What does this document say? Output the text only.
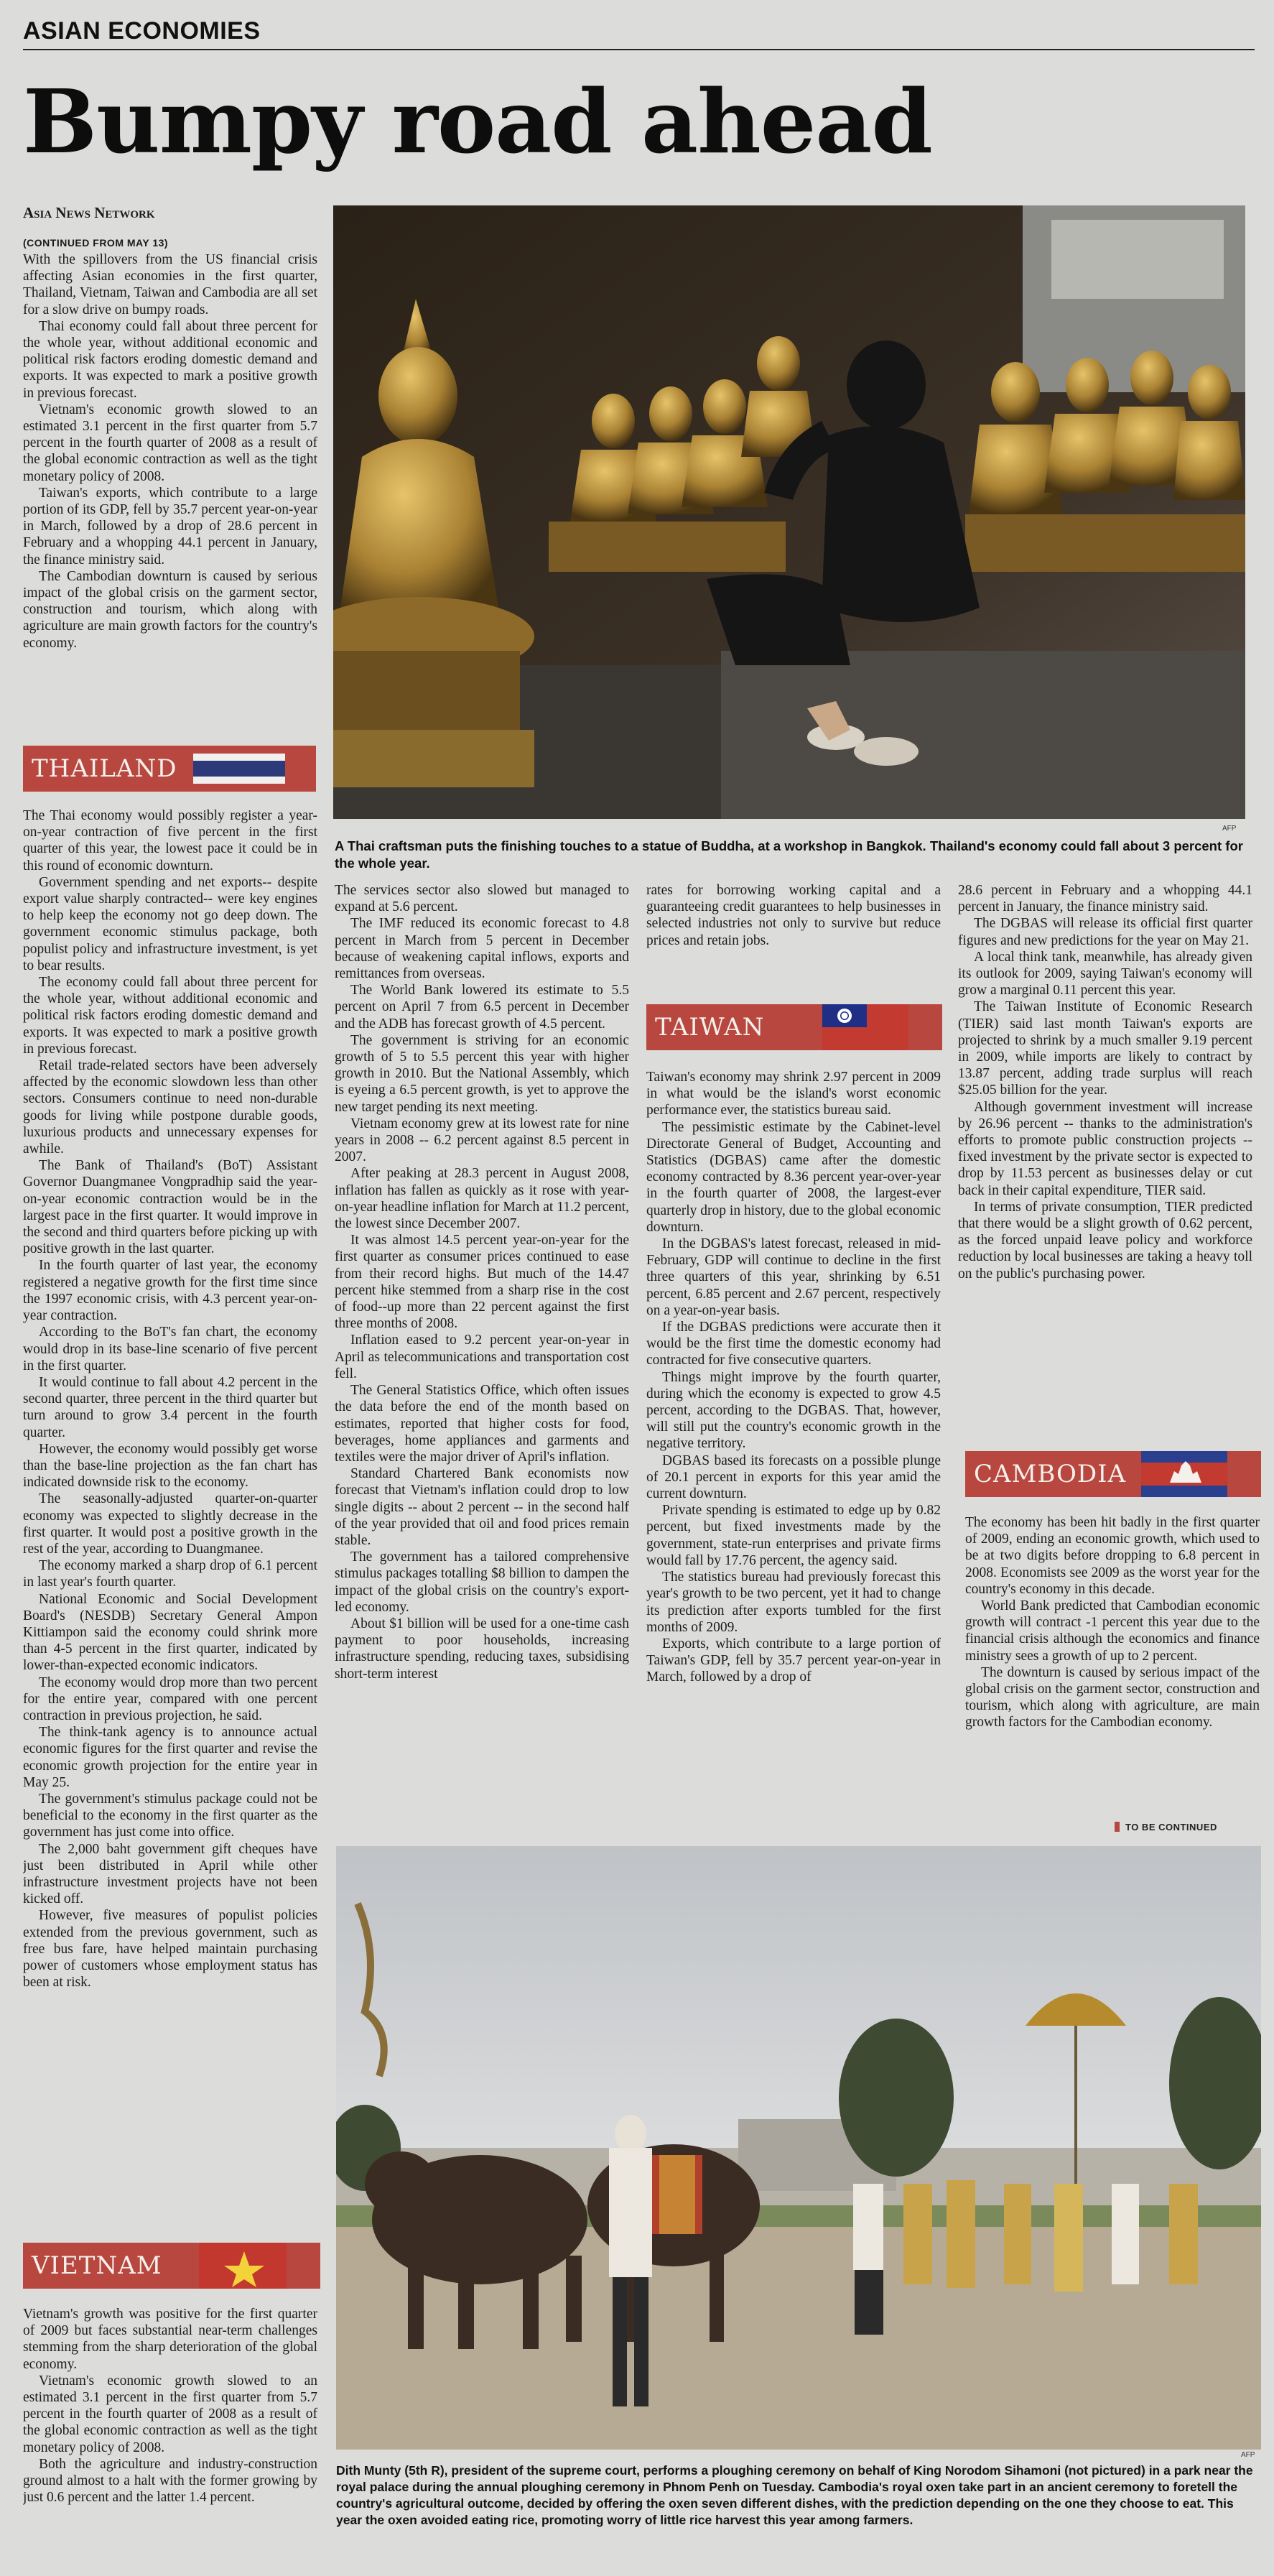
ASIAN ECONOMIES
Bumpy road ahead
Asia News Network
(CONTINUED FROM MAY 13)

With the spillovers from the US financial crisis affecting Asian economies in the first quarter, Thailand, Vietnam, Taiwan and Cambodia are all set for a slow drive on bumpy roads.

Thai economy could fall about three percent for the whole year, without additional economic and political risk factors eroding domestic demand and exports. It was expected to mark a positive growth in previous forecast.

Vietnam's economic growth slowed to an estimated 3.1 percent in the first quarter from 5.7 percent in the fourth quarter of 2008 as a result of the global economic contraction as well as the tight monetary policy of 2008.

Taiwan's exports, which contribute to a large portion of its GDP, fell by 35.7 percent year-on-year in March, followed by a drop of 28.6 percent in February and a whopping 44.1 percent in January, the finance ministry said.

The Cambodian downturn is caused by serious impact of the global crisis on the garment sector, construction and tourism, which along with agriculture are main growth factors for the country's economy.

THAILAND

The Thai economy would possibly register a year-on-year contraction of five percent in the first quarter of this year, the lowest pace it could be in this round of economic downturn.

Government spending and net exports-- despite export value sharply contracted-- were key engines to help keep the economy not go deep down. The government economic stimulus package, both populist policy and infrastructure investment, is yet to bear results.

The economy could fall about three percent for the whole year, without additional economic and political risk factors eroding domestic demand and exports. It was expected to mark a positive growth in previous forecast.

Retail trade-related sectors have been adversely affected by the economic slowdown less than other sectors. Consumers continue to need non-durable goods for living while postpone durable goods, luxurious products and unnecessary expenses for awhile.

The Bank of Thailand's (BoT) Assistant Governor Duangmanee Vongpradhip said the year-on-year economic contraction would be in the largest pace in the first quarter. It would improve in the second and third quarters before picking up with positive growth in the last quarter.

In the fourth quarter of last year, the economy registered a negative growth for the first time since the 1997 economic crisis, with 4.3 percent year-on-year contraction.

According to the BoT's fan chart, the economy would drop in its base-line scenario of five percent in the first quarter.

It would continue to fall about 4.2 percent in the second quarter, three percent in the third quarter but turn around to grow 3.4 percent in the fourth quarter.

However, the economy would possibly get worse than the base-line projection as the fan chart has indicated downside risk to the economy.

The seasonally-adjusted quarter-on-quarter economy was expected to slightly decrease in the first quarter. It would post a positive growth in the rest of the year, according to Duangmanee.

The economy marked a sharp drop of 6.1 percent in last year's fourth quarter.

National Economic and Social Development Board's (NESDB) Secretary General Ampon Kittiampon said the economy could shrink more than 4-5 percent in the first quarter, indicated by lower-than-expected economic indicators.

The economy would drop more than two percent for the entire year, compared with one percent contraction in previous projection, he said.

The think-tank agency is to announce actual economic figures for the first quarter and revise the economic growth projection for the entire year in May 25.

The government's stimulus package could not be beneficial to the economy in the first quarter as the government has just come into office.

The 2,000 baht government gift cheques have just been distributed in April while other infrastructure investment projects have not been kicked off.

However, five measures of populist policies extended from the previous government, such as free bus fare, have helped maintain purchasing power of customers whose employment status has been at risk.

VIETNAM

Vietnam's growth was positive for the first quarter of 2009 but faces substantial near-term challenges stemming from the sharp deterioration of the global economy.

Vietnam's economic growth slowed to an estimated 3.1 percent in the first quarter from 5.7 percent in the fourth quarter of 2008 as a result of the global economic contraction as well as the tight monetary policy of 2008.

Both the agriculture and industry-construction ground almost to a halt with the former growing by just 0.6 percent and the latter 1.4 percent.

AFP
A Thai craftsman puts the finishing touches to a statue of Buddha, at a workshop in Bangkok. Thailand's economy could fall about 3 percent for the whole year.

The services sector also slowed but managed to expand at 5.6 percent.

The IMF reduced its economic forecast to 4.8 percent in March from 5 percent in December because of weakening capital inflows, exports and remittances from overseas.

The World Bank lowered its estimate to 5.5 percent on April 7 from 6.5 percent in December and the ADB has forecast growth of 4.5 percent.

The government is striving for an economic growth of 5 to 5.5 percent this year with higher growth in 2010. But the National Assembly, which is eyeing a 6.5 percent growth, is yet to approve the new target pending its next meeting.

Vietnam economy grew at its lowest rate for nine years in 2008 -- 6.2 percent against 8.5 percent in 2007.

After peaking at 28.3 percent in August 2008, inflation has fallen as quickly as it rose with year-on-year headline inflation for March at 11.2 percent, the lowest since December 2007.

It was almost 14.5 percent year-on-year for the first quarter as consumer prices continued to ease from their record highs. But much of the 14.47 percent hike stemmed from a sharp rise in the cost of food--up more than 22 percent against the first three months of 2008.

Inflation eased to 9.2 percent year-on-year in April as telecommunications and transportation cost fell.

The General Statistics Office, which often issues the data before the end of the month based on estimates, reported that higher costs for food, beverages, home appliances and garments and textiles were the major driver of April's inflation.

Standard Chartered Bank economists now forecast that Vietnam's inflation could drop to low single digits -- about 2 percent -- in the second half of the year provided that oil and food prices remain stable.

The government has a tailored comprehensive stimulus packages totalling $8 billion to dampen the impact of the global crisis on the country's export-led economy.

About $1 billion will be used for a one-time cash payment to poor households, increasing infrastructure spending, reducing taxes, subsidising short-term interest

rates for borrowing working capital and a guaranteeing credit guarantees to help businesses in selected industries not only to survive but reduce prices and retain jobs.

TAIWAN

Taiwan's economy may shrink 2.97 percent in 2009 in what would be the island's worst economic performance ever, the statistics bureau said.

The pessimistic estimate by the Cabinet-level Directorate General of Budget, Accounting and Statistics (DGBAS) came after the domestic economy contracted by 8.36 percent year-over-year in the fourth quarter of 2008, the largest-ever quarterly drop in history, due to the global economic downturn.

In the DGBAS's latest forecast, released in mid-February, GDP will continue to decline in the first three quarters of this year, shrinking by 6.51 percent, 6.85 percent and 2.67 percent, respectively on a year-on-year basis.

If the DGBAS predictions were accurate then it would be the first time the domestic economy had contracted for five consecutive quarters.

Things might improve by the fourth quarter, during which the economy is expected to grow 4.5 percent, according to the DGBAS. That, however, will still put the country's economic growth in the negative territory.

DGBAS based its forecasts on a possible plunge of 20.1 percent in exports for this year amid the current downturn.

Private spending is estimated to edge up by 0.82 percent, but fixed investments made by the government, state-run enterprises and private firms would fall by 17.76 percent, the agency said.

The statistics bureau had previously forecast this year's growth to be two percent, yet it had to change its prediction after exports tumbled for the first months of 2009.

Exports, which contribute to a large portion of Taiwan's GDP, fell by 35.7 percent year-on-year in March, followed by a drop of

28.6 percent in February and a whopping 44.1 percent in January, the finance ministry said.

The DGBAS will release its official first quarter figures and new predictions for the year on May 21.

A local think tank, meanwhile, has already given its outlook for 2009, saying Taiwan's economy will grow a marginal 0.11 percent this year.

The Taiwan Institute of Economic Research (TIER) said last month Taiwan's exports are projected to shrink by a much smaller 9.19 percent in 2009, while imports are likely to contract by 13.87 percent, adding trade surplus will reach $25.05 billion for the year.

Although government investment will increase by 26.96 percent -- thanks to the administration's efforts to promote public construction projects -- fixed investment by the private sector is expected to drop by 11.53 percent as businesses delay or cut back in their capital expenditure, TIER said.

In terms of private consumption, TIER predicted that there would be a slight growth of 0.62 percent, as the forced unpaid leave policy and workforce reduction by local businesses are taking a heavy toll on the public's purchasing power.

CAMBODIA

The economy has been hit badly in the first quarter of 2009, ending an economic growth, which used to be at two digits before dropping to 6.8 percent in 2008. Economists see 2009 as the worst year for the country's economy in this decade.

World Bank predicted that Cambodian economic growth will contract -1 percent this year due to the financial crisis although the economics and finance ministry sees a growth of up to 2 percent.

The downturn is caused by serious impact of the global crisis on the garment sector, construction and tourism, which along with agriculture, are main growth factors for the Cambodian economy.

TO BE CONTINUED
AFP
Dith Munty (5th R), president of the supreme court, performs a ploughing ceremony on behalf of King Norodom Sihamoni (not pictured) in a park near the royal palace during the annual ploughing ceremony in Phnom Penh on Tuesday. Cambodia's royal oxen take part in an ancient ceremony to foretell the country's agricultural outcome, decided by offering the oxen seven different dishes, with the prediction depending on the one they choose to eat. This year the oxen avoided eating rice, promoting worry of little rice harvest this year among farmers.
